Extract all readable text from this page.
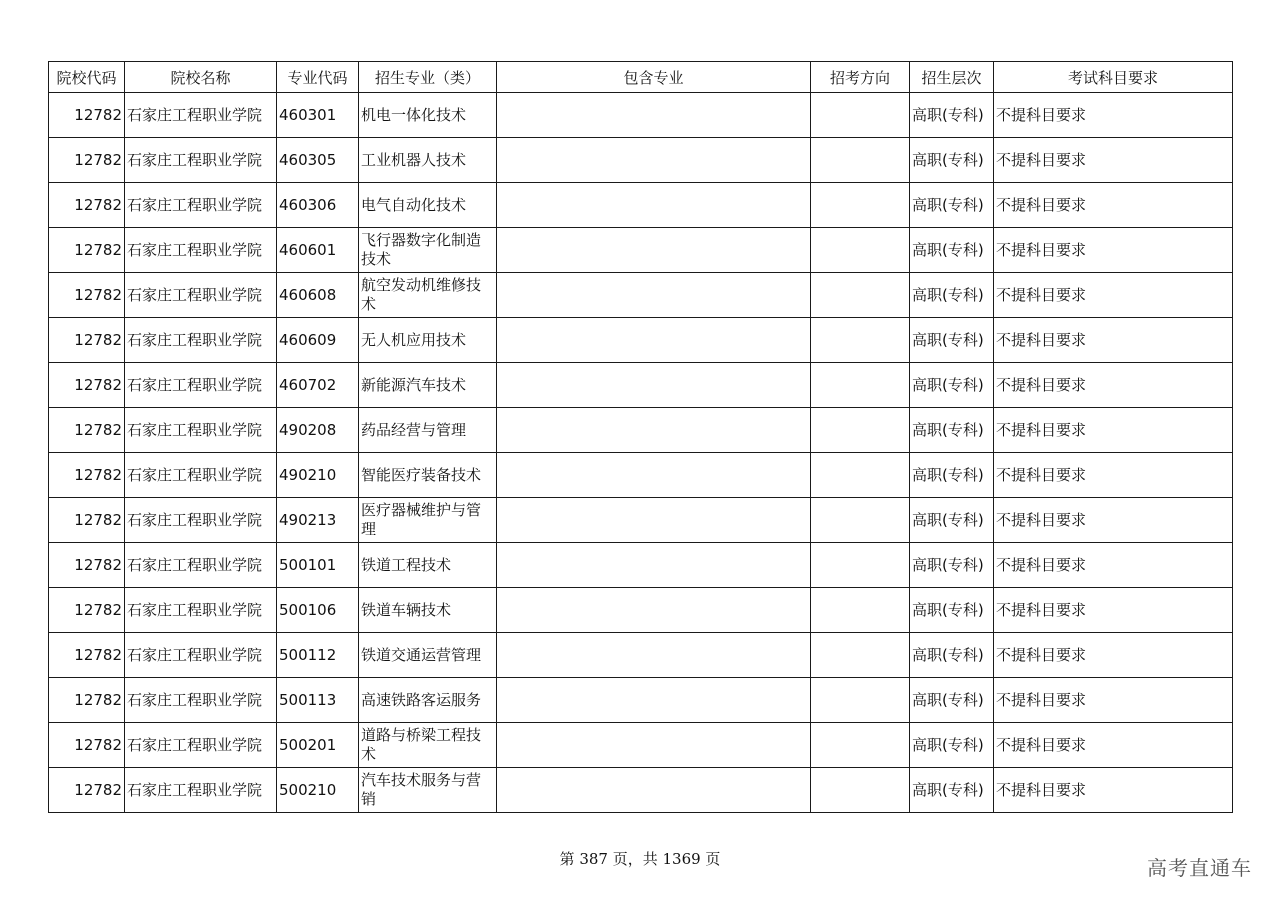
院校代码	院校名称	专业代码	招生专业（类）	包含专业	招考方向	招生层次	考试科目要求
12782	石家庄工程职业学院	460301	机电一体化技术			高职(专科)	不提科目要求
12782	石家庄工程职业学院	460305	工业机器人技术			高职(专科)	不提科目要求
12782	石家庄工程职业学院	460306	电气自动化技术			高职(专科)	不提科目要求
12782	石家庄工程职业学院	460601	飞行器数字化制造技术			高职(专科)	不提科目要求
12782	石家庄工程职业学院	460608	航空发动机维修技术			高职(专科)	不提科目要求
12782	石家庄工程职业学院	460609	无人机应用技术			高职(专科)	不提科目要求
12782	石家庄工程职业学院	460702	新能源汽车技术			高职(专科)	不提科目要求
12782	石家庄工程职业学院	490208	药品经营与管理			高职(专科)	不提科目要求
12782	石家庄工程职业学院	490210	智能医疗装备技术			高职(专科)	不提科目要求
12782	石家庄工程职业学院	490213	医疗器械维护与管理			高职(专科)	不提科目要求
12782	石家庄工程职业学院	500101	铁道工程技术			高职(专科)	不提科目要求
12782	石家庄工程职业学院	500106	铁道车辆技术			高职(专科)	不提科目要求
12782	石家庄工程职业学院	500112	铁道交通运营管理			高职(专科)	不提科目要求
12782	石家庄工程职业学院	500113	高速铁路客运服务			高职(专科)	不提科目要求
12782	石家庄工程职业学院	500201	道路与桥梁工程技术			高职(专科)	不提科目要求
12782	石家庄工程职业学院	500210	汽车技术服务与营销			高职(专科)	不提科目要求
第 387 页，共 1369 页	高考直通车
